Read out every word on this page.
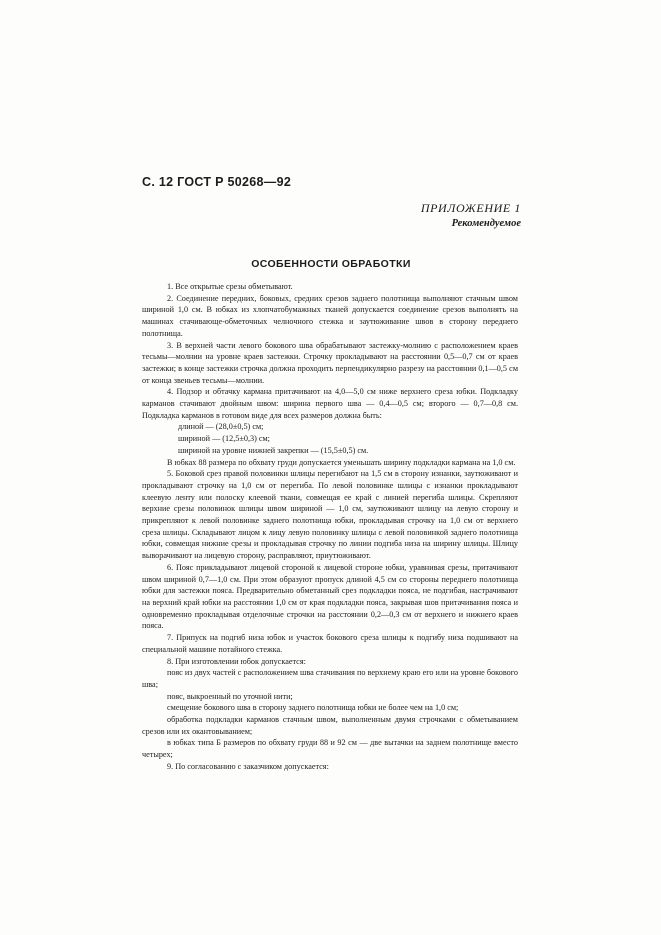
С. 12 ГОСТ Р 50268—92
ПРИЛОЖЕНИЕ 1
Рекомендуемое
ОСОБЕННОСТИ ОБРАБОТКИ

1. Все открытые срезы обметывают.

2. Соединение передних, боковых, средних срезов заднего полотнища выполняют стачным швом шириной 1,0 см. В юбках из хлопчатобумажных тканей допускается соединение срезов выполнять на машинах стачивающе-обметочных челночного стежка и заутюживание швов в сторону переднего полотнища.

3. В верхней части левого бокового шва обрабатывают застежку-молнию с расположением краев тесьмы—молнии на уровне краев застежки. Строчку прокладывают на расстоянии 0,5—0,7 см от краев застежки; в конце застежки строчка должна проходить перпендикулярно разрезу на расстоянии 0,1—0,5 см от конца звеньев тесьмы—молнии.

4. Подзор и обтачку кармана притачивают на 4,0—5,0 см ниже верхнего среза юбки. Подкладку карманов стачивают двойным швом: ширина первого шва — 0,4—0,5 см; второго — 0,7—0,8 см. Подкладка карманов в готовом виде для всех размеров должна быть:

длиной — (28,0±0,5) см;

шириной — (12,5±0,3) см;

шириной на уровне нижней закрепки — (15,5±0,5) см.

В юбках 88 размера по обхвату груди допускается уменьшать ширину подкладки кармана на 1,0 см.

5. Боковой срез правой половинки шлицы перегибают на 1,5 см в сторону изнанки, заутюживают и прокладывают строчку на 1,0 см от перегиба. По левой половинке шлицы с изнанки прокладывают клеевую ленту или полоску клеевой ткани, совмещая ее край с линией перегиба шлицы. Скрепляют верхние срезы половинок шлицы швом шириной — 1,0 см, заутюживают шлицу на левую сторону и прикрепляют к левой половинке заднего полотнища юбки, прокладывая строчку на 1,0 см от верхнего среза шлицы. Складывают лицом к лицу левую половинку шлицы с левой половинкой заднего полотнища юбки, совмещая нижние срезы и прокладывая строчку по линии подгиба низа на ширину шлицы. Шлицу выворачивают на лицевую сторону, расправляют, приутюживают.

6. Пояс прикладывают лицевой стороной к лицевой стороне юбки, уравнивая срезы, притачивают швом шириной 0,7—1,0 см. При этом образуют пропуск длиной 4,5 см со стороны переднего полотнища юбки для застежки пояса. Предварительно обметанный срез подкладки пояса, не подгибая, настрачивают на верхний край юбки на расстоянии 1,0 см от края подкладки пояса, закрывая шов притачивания пояса и одновременно прокладывая отделочные строчки на расстоянии 0,2—0,3 см от верхнего и нижнего краев пояса.

7. Припуск на подгиб низа юбок и участок бокового среза шлицы к подгибу низа подшивают на специальной машине потайного стежка.

8. При изготовлении юбок допускается:

пояс из двух частей с расположением шва стачивания по верхнему краю его или на уровне бокового шва;

пояс, выкроенный по уточной нити;

смещение бокового шва в сторону заднего полотнища юбки не более чем на 1,0 см;

обработка подкладки карманов стачным швом, выполненным двумя строчками с обметыванием срезов или их окантовыванием;

в юбках типа Б размеров по обхвату груди 88 и 92 см — две вытачки на заднем полотнище вместо четырех;

9. По согласованию с заказчиком допускается:
